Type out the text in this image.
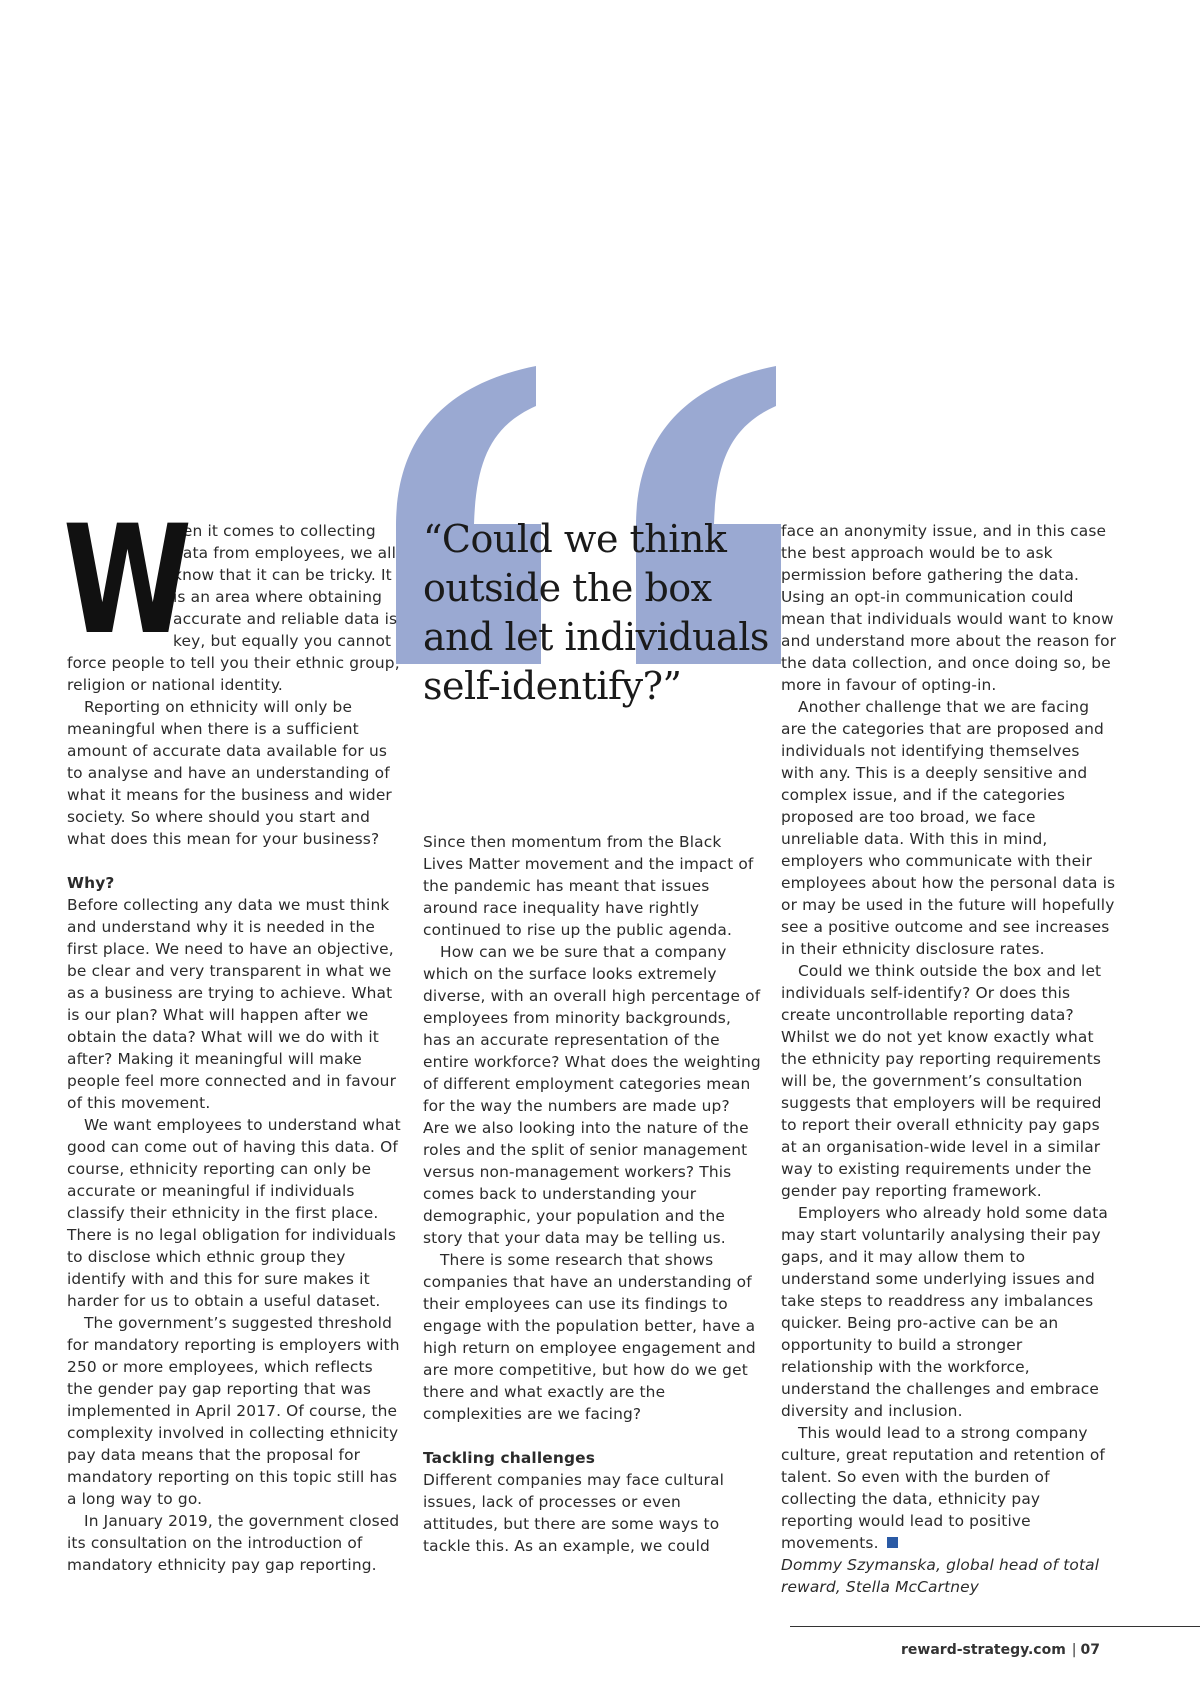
“Could we think outside the box and let individuals self-identify?”
W

hen it comes to collecting data from employees, we all know that it can be tricky. It is an area where obtaining accurate and reliable data is key, but equally you cannot force people to tell you their ethnic group, religion or national identity.

Reporting on ethnicity will only be meaningful when there is a sufficient amount of accurate data available for us to analyse and have an understanding of what it means for the business and wider society. So where should you start and what does this mean for your business?

Why?

Before collecting any data we must think and understand why it is needed in the first place. We need to have an objective, be clear and very transparent in what we as a business are trying to achieve. What is our plan? What will happen after we obtain the data? What will we do with it after? Making it meaningful will make people feel more connected and in favour of this movement.

We want employees to understand what good can come out of having this data. Of course, ethnicity reporting can only be accurate or meaningful if individuals classify their ethnicity in the first place. There is no legal obligation for individuals to disclose which ethnic group they identify with and this for sure makes it harder for us to obtain a useful dataset.

The government’s suggested threshold for mandatory reporting is employers with 250 or more employees, which reflects the gender pay gap reporting that was implemented in April 2017. Of course, the complexity involved in collecting ethnicity pay data means that the proposal for mandatory reporting on this topic still has a long way to go.

In January 2019, the government closed its consultation on the introduction of mandatory ethnicity pay gap reporting.

Since then momentum from the Black Lives Matter movement and the impact of the pandemic has meant that issues around race inequality have rightly continued to rise up the public agenda.

How can we be sure that a company which on the surface looks extremely diverse, with an overall high percentage of employees from minority backgrounds, has an accurate representation of the entire workforce? What does the weighting of different employment categories mean for the way the numbers are made up? Are we also looking into the nature of the roles and the split of senior management versus non-management workers? This comes back to understanding your demographic, your population and the story that your data may be telling us.

There is some research that shows companies that have an understanding of their employees can use its findings to engage with the population better, have a high return on employee engagement and are more competitive, but how do we get there and what exactly are the complexities are we facing?

Tackling challenges

Different companies may face cultural issues, lack of processes or even attitudes, but there are some ways to tackle this. As an example, we could

face an anonymity issue, and in this case the best approach would be to ask permission before gathering the data. Using an opt-in communication could mean that individuals would want to know and understand more about the reason for the data collection, and once doing so, be more in favour of opting-in.

Another challenge that we are facing are the categories that are proposed and individuals not identifying themselves with any. This is a deeply sensitive and complex issue, and if the categories proposed are too broad, we face unreliable data. With this in mind, employers who communicate with their employees about how the personal data is or may be used in the future will hopefully see a positive outcome and see increases in their ethnicity disclosure rates.

Could we think outside the box and let individuals self-identify? Or does this create uncontrollable reporting data? Whilst we do not yet know exactly what the ethnicity pay reporting requirements will be, the government’s consultation suggests that employers will be required to report their overall ethnicity pay gaps at an organisation-wide level in a similar way to existing requirements under the gender pay reporting framework.

Employers who already hold some data may start voluntarily analysing their pay gaps, and it may allow them to understand some underlying issues and take steps to readdress any imbalances quicker. Being pro-active can be an opportunity to build a stronger relationship with the workforce, understand the challenges and embrace diversity and inclusion.

This would lead to a strong company culture, great reputation and retention of talent. So even with the burden of collecting the data, ethnicity pay reporting would lead to positive movements.

Dommy Szymanska, global head of total reward, Stella McCartney

reward-strategy.com | 07
